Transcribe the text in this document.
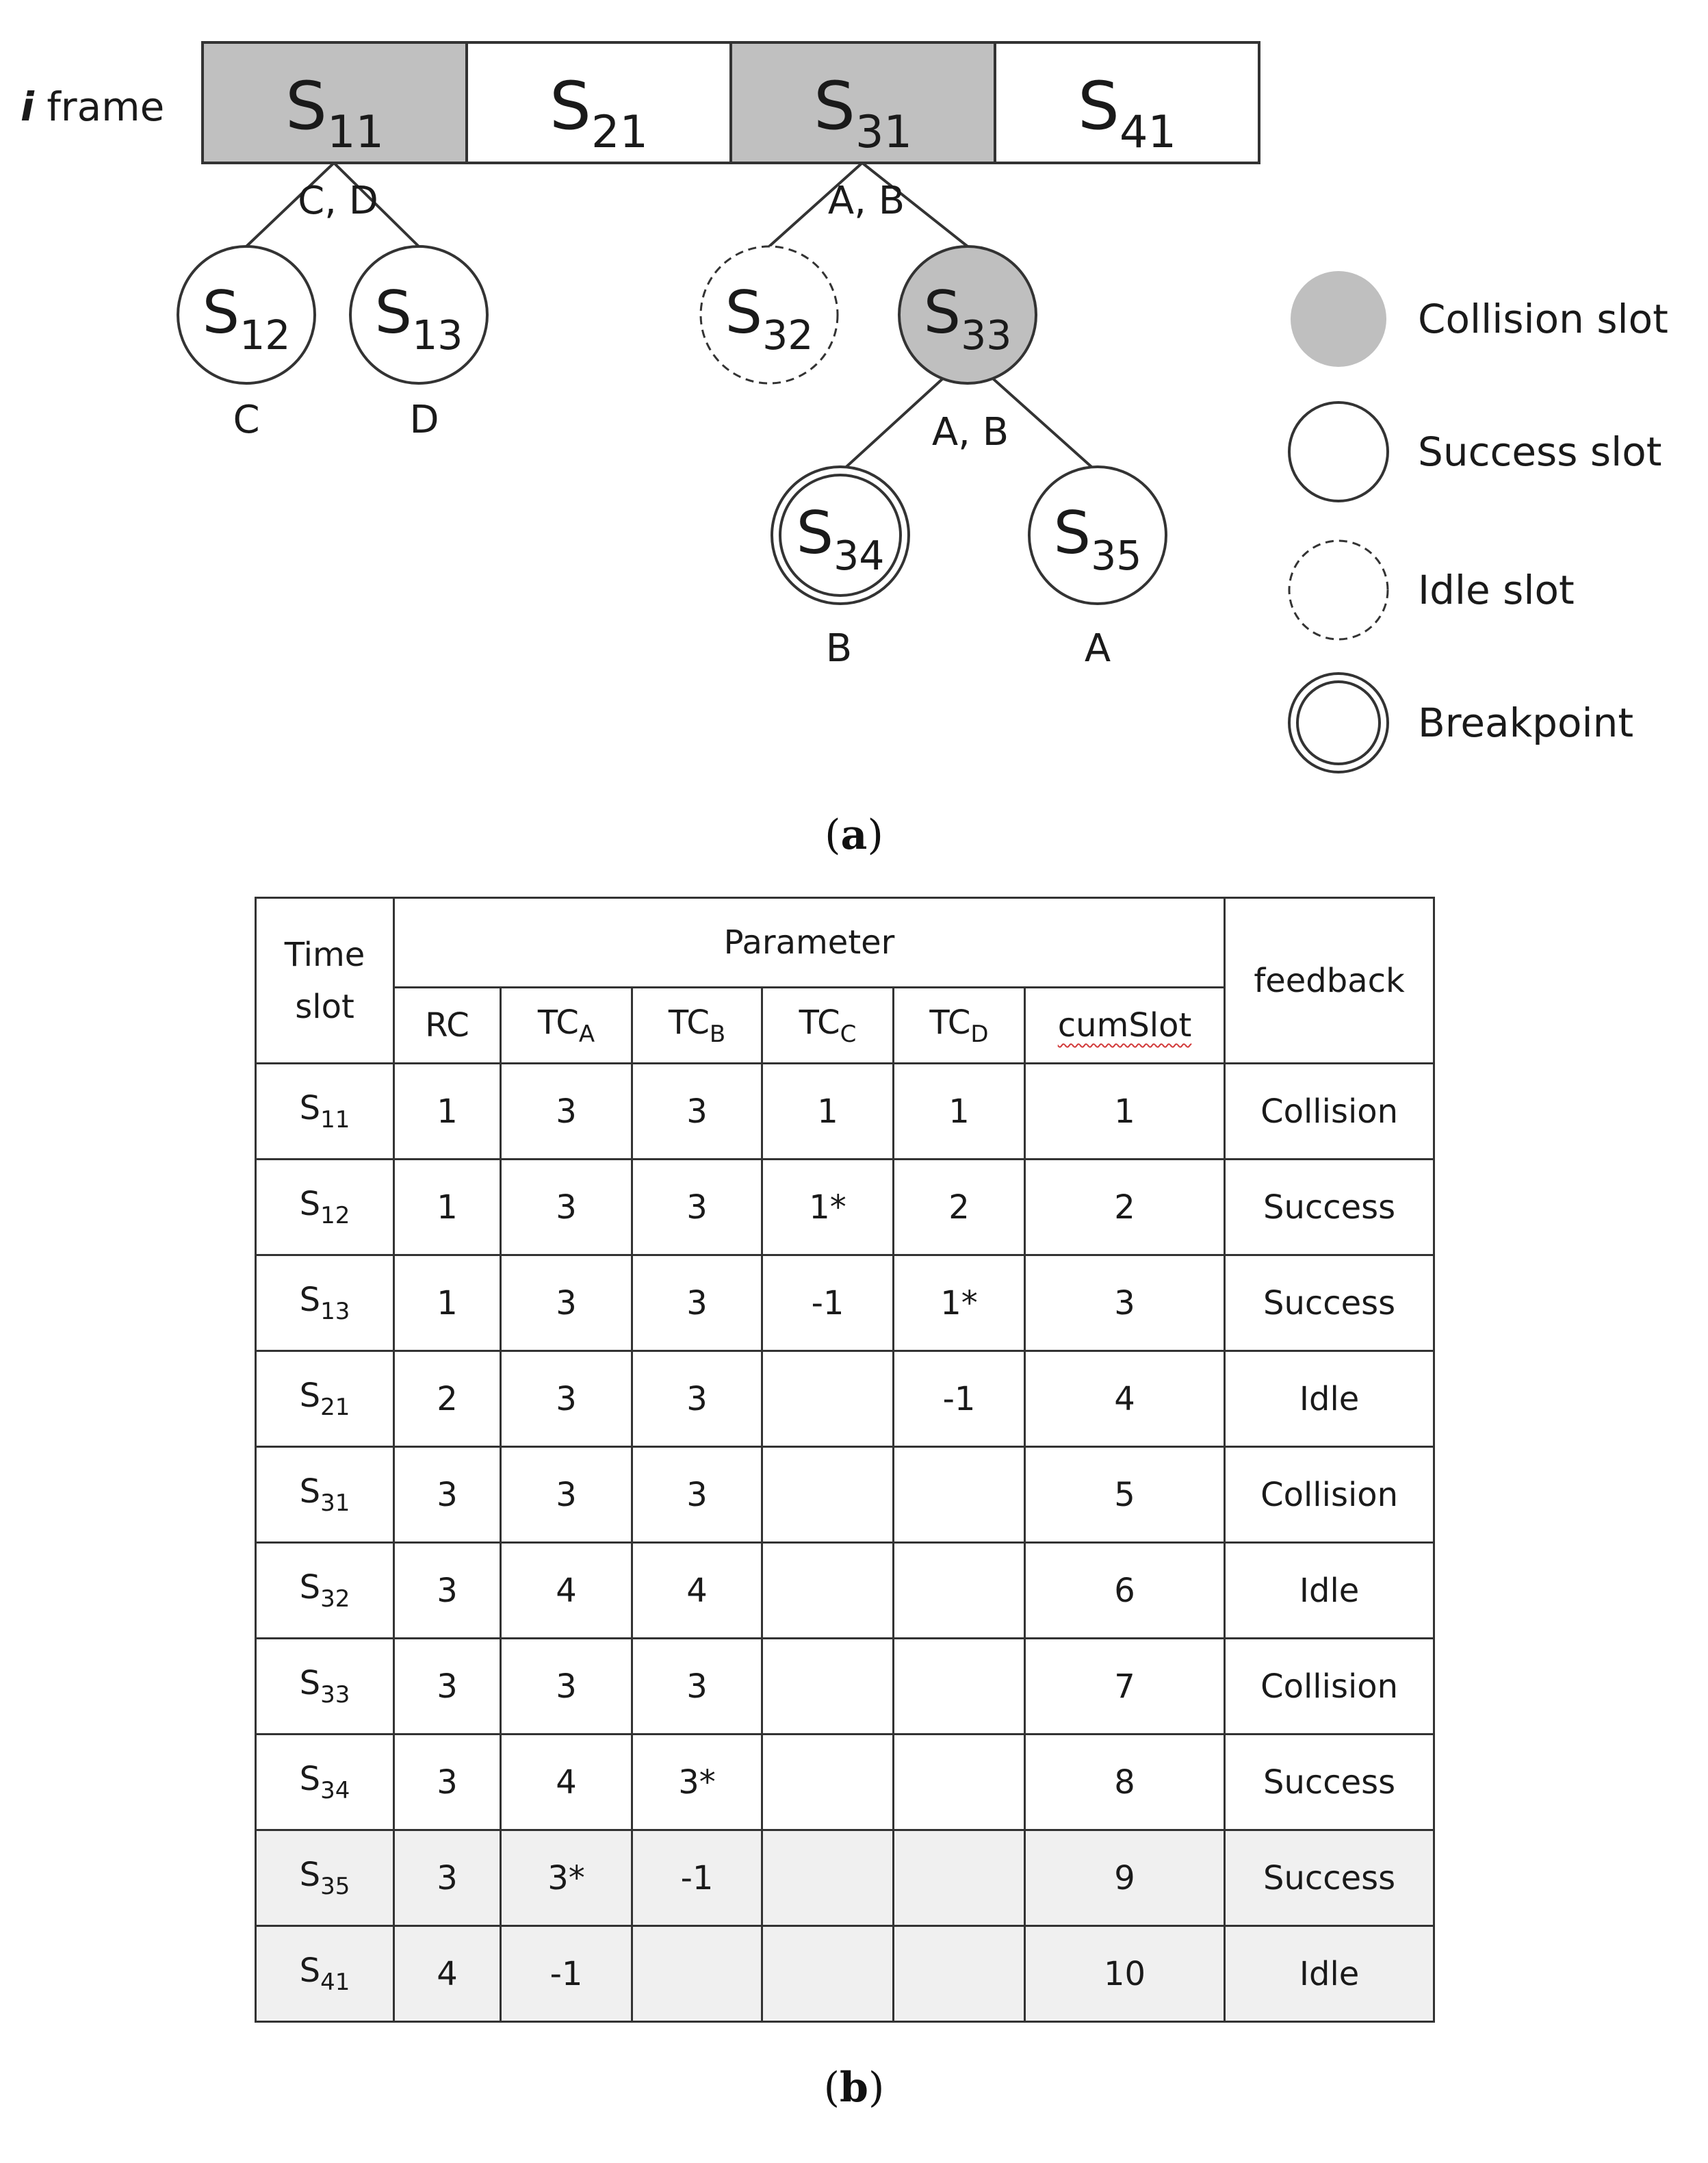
$S_{11}$	$S_{21}$	$S_{31}$	$S_{41}$
$S_{12}$ $S_{13}$	$S_{32}$ $S_{33}$
$S_{34}$	$S_{35}$
Collision slot
Success slot
Idle slot
Breakpoint
i frame
C, D	A, B
A, B
C	D
B	A
(a)
Time
slot	Parameter						feedback
	RC	$TC_A$	$TC_B$	$TC_C$	$TC_D$	cumSlot	
$S_{11}$	1	3	3	1	1	1	Collision
$S_{12}$	1	3	3	1*	2	2	Success
$S_{13}$	1	3	3	-1	1*	3	Success
$S_{21}$	2	3	3		-1	4	Idle
$S_{31}$	3	3	3			5	Collision
$S_{32}$	3	4	4			6	Idle
$S_{33}$	3	3	3			7	Collision
$S_{34}$	3	4	3*			8	Success
$S_{35}$	3	3*	-1			9	Success
$S_{41}$	4	-1				10	Idle
(b)
